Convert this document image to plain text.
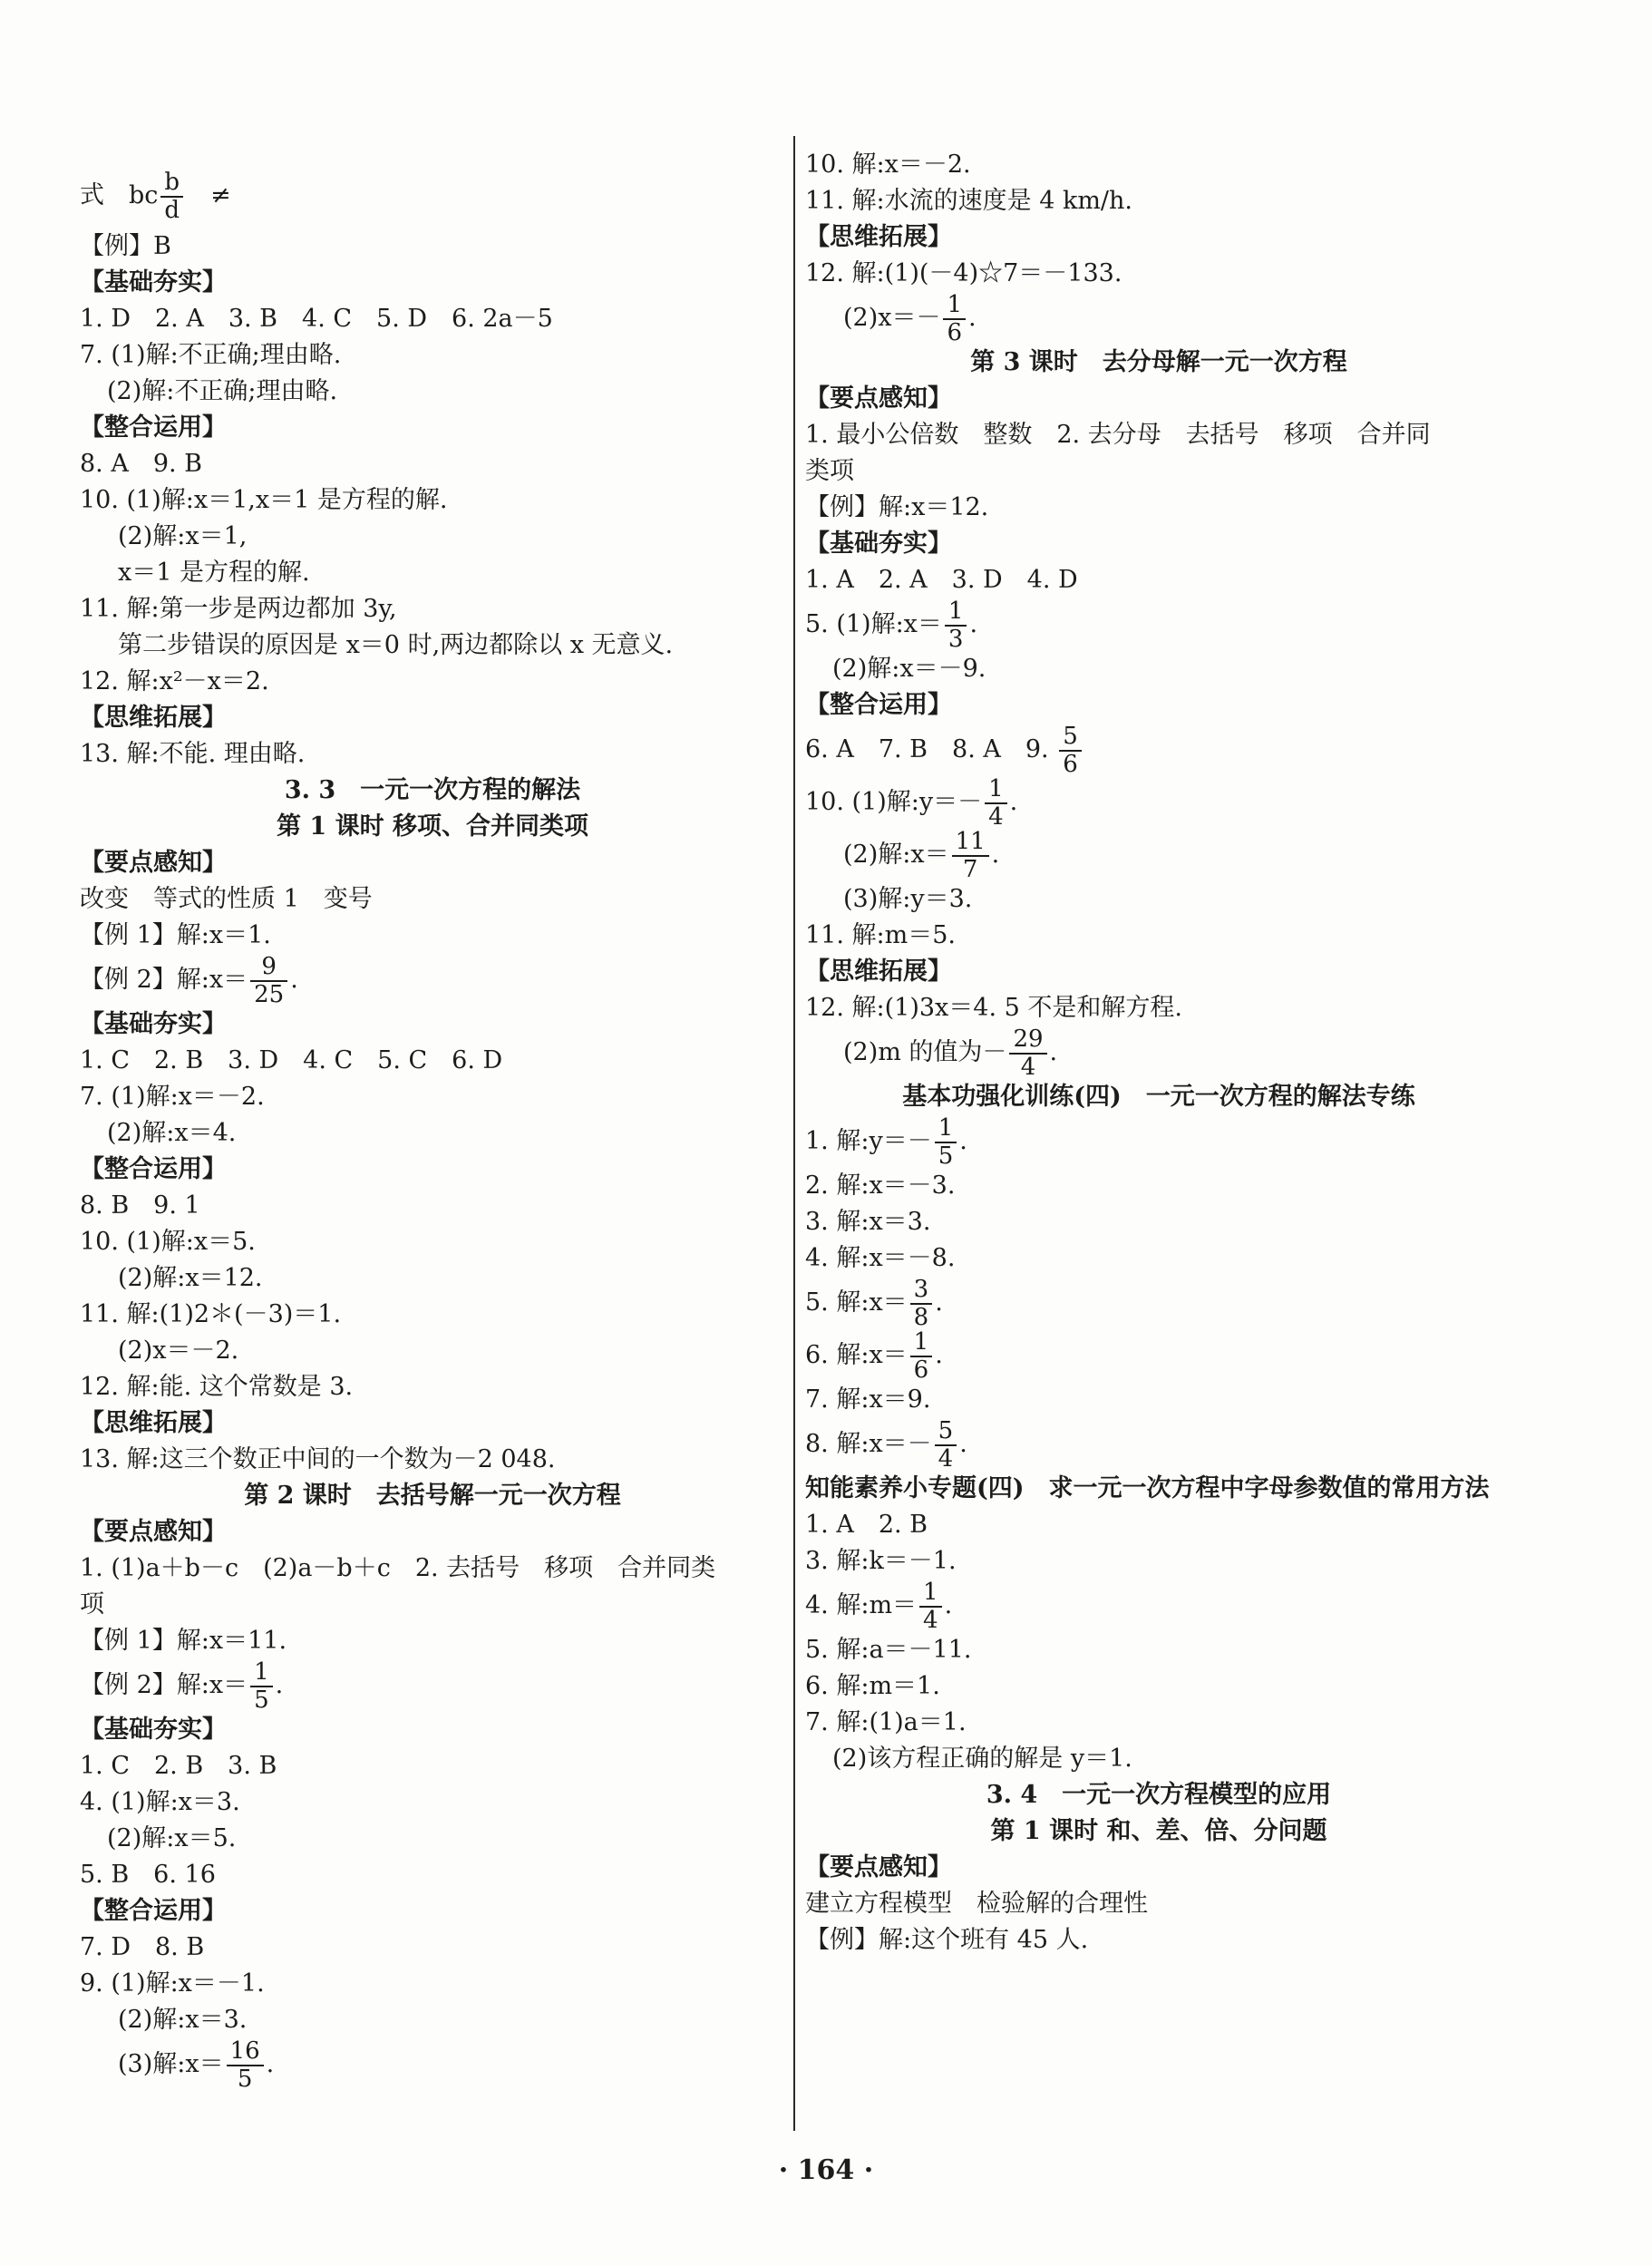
式　bc $\frac{b}{d}$ 　≠
【例】B
【基础夯实】
1. D　2. A　3. B　4. C　5. D　6. 2a－5
7. (1)解:不正确;理由略.
(2)解:不正确;理由略.
【整合运用】
8. A　9. B
10. (1)解:x＝1,x＝1 是方程的解.
(2)解:x＝1,
x＝1 是方程的解.
11. 解:第一步是两边都加 3y,
第二步错误的原因是 x＝0 时,两边都除以 x 无意义.
12. 解:x²－x＝2.
【思维拓展】
13. 解:不能. 理由略.
3. 3　一元一次方程的解法
第 1 课时 移项、合并同类项
【要点感知】
改变　等式的性质 1　变号
【例 1】解:x＝1.
【例 2】解:x＝ $\frac{9}{25}$ .
【基础夯实】
1. C　2. B　3. D　4. C　5. C　6. D
7. (1)解:x＝－2.
(2)解:x＝4.
【整合运用】
8. B　9. 1
10. (1)解:x＝5.
(2)解:x＝12.
11. 解:(1)2＊(－3)＝1.
(2)x＝－2.
12. 解:能. 这个常数是 3.
【思维拓展】
13. 解:这三个数正中间的一个数为－2 048.
第 2 课时　去括号解一元一次方程
【要点感知】
1. (1)a＋b－c　(2)a－b＋c　2. 去括号　移项　合并同类
项
【例 1】解:x＝11.
【例 2】解:x＝ $\frac{1}{5}$ .
【基础夯实】
1. C　2. B　3. B
4. (1)解:x＝3.
(2)解:x＝5.
5. B　6. 16
【整合运用】
7. D　8. B
9. (1)解:x＝－1.
(2)解:x＝3.
(3)解:x＝ $\frac{16}{5}$ .
10. 解:x＝－2.
11. 解:水流的速度是 4 km/h.
【思维拓展】
12. 解:(1)(－4)☆7＝－133.
$(2)x=- \frac{1}{6}$ .
第 3 课时　去分母解一元一次方程
【要点感知】
1. 最小公倍数　整数　2. 去分母　去括号　移项　合并同
类项
【例】解:x＝12.
【基础夯实】
1. A　2. A　3. D　4. D
5. (1)解:x＝ $\frac{1}{3}$ .
(2)解:x＝－9.
【整合运用】
6. A　7. B　8. A　9. $\frac{5}{6}$
10. (1)解:y＝－ $\frac{1}{4}$ .
(2)解:x＝ $\frac{11}{7}$ .
(3)解:y＝3.
11. 解:m＝5.
【思维拓展】
12. 解:(1)3x＝4. 5 不是和解方程.
(2)m 的值为－ $\frac{29}{4}$ .
基本功强化训练(四)　一元一次方程的解法专练
1. 解:y＝－ $\frac{1}{5}$ .
2. 解:x＝－3.
3. 解:x＝3.
4. 解:x＝－8.
5. 解:x＝ $\frac{3}{8}$ .
6. 解:x＝ $\frac{1}{6}$ .
7. 解:x＝9.
8. 解:x＝－ $\frac{5}{4}$ .
知能素养小专题(四)　求一元一次方程中字母参数值的常用方法
1. A　2. B
3. 解:k＝－1.
4. 解:m＝ $\frac{1}{4}$ .
5. 解:a＝－11.
6. 解:m＝1.
7. 解:(1)a＝1.
(2)该方程正确的解是 y＝1.
3. 4　一元一次方程模型的应用
第 1 课时 和、差、倍、分问题
【要点感知】
建立方程模型　检验解的合理性
【例】解:这个班有 45 人.
· 164 ·
